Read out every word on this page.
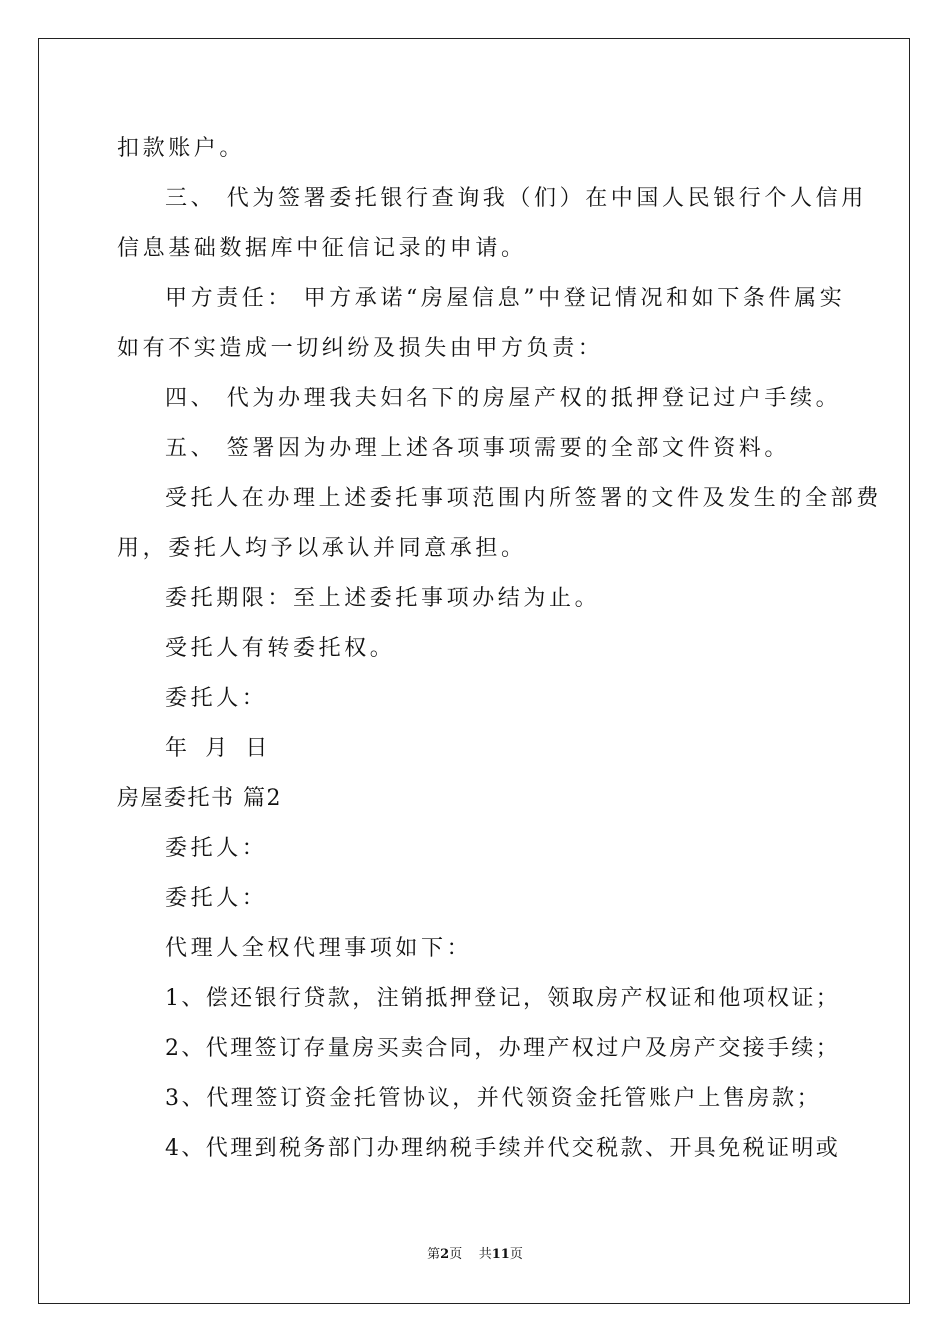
扣款账户。
三、 代为签署委托银行查询我（们）在中国人民银行个人信用
信息基础数据库中征信记录的申请。
甲方责任： 甲方承诺“房屋信息”中登记情况和如下条件属实
如有不实造成一切纠纷及损失由甲方负责：
四、 代为办理我夫妇名下的房屋产权的抵押登记过户手续。
五、 签署因为办理上述各项事项需要的全部文件资料。
受托人在办理上述委托事项范围内所签署的文件及发生的全部费
用，委托人均予以承认并同意承担。
委托期限：至上述委托事项办结为止。
受托人有转委托权。
委托人：
年 月 日
房屋委托书 篇2
委托人：
委托人：
代理人全权代理事项如下：
1、偿还银行贷款，注销抵押登记，领取房产权证和他项权证；
2、代理签订存量房买卖合同，办理产权过户及房产交接手续；
3、代理签订资金托管协议，并代领资金托管账户上售房款；
4、代理到税务部门办理纳税手续并代交税款、开具免税证明或
第2页 共11页
